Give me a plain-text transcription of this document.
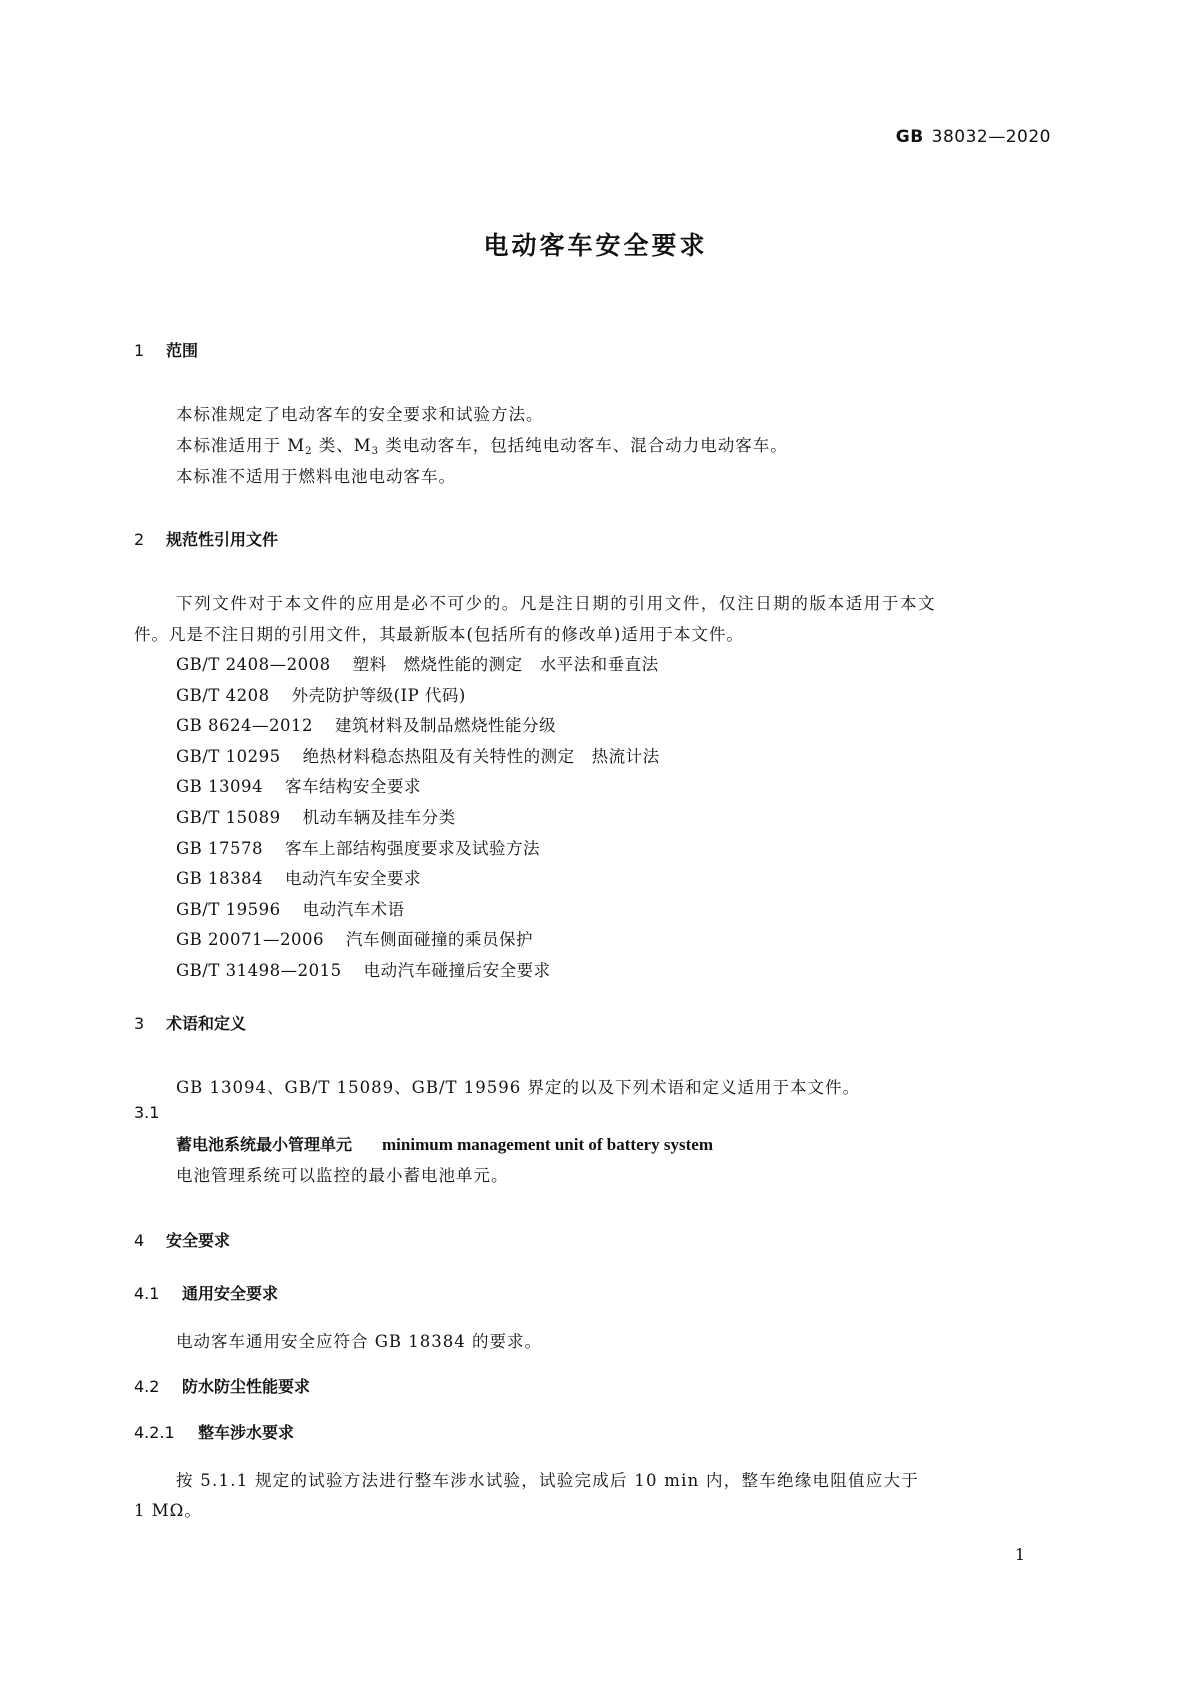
GB 38032—2020
电动客车安全要求
1 范围
本标准规定了电动客车的安全要求和试验方法。
本标准适用于 $M_2$ 类、$M_3$ 类电动客车，包括纯电动客车、混合动力电动客车。
本标准不适用于燃料电池电动客车。
2 规范性引用文件
下列文件对于本文件的应用是必不可少的。凡是注日期的引用文件，仅注日期的版本适用于本文
件。凡是不注日期的引用文件，其最新版本(包括所有的修改单)适用于本文件。
GB/T 2408—2008 塑料　燃烧性能的测定　水平法和垂直法
GB/T 4208 外壳防护等级(IP 代码)
GB 8624—2012 建筑材料及制品燃烧性能分级
GB/T 10295 绝热材料稳态热阻及有关特性的测定　热流计法
GB 13094 客车结构安全要求
GB/T 15089 机动车辆及挂车分类
GB 17578 客车上部结构强度要求及试验方法
GB 18384 电动汽车安全要求
GB/T 19596 电动汽车术语
GB 20071—2006 汽车侧面碰撞的乘员保护
GB/T 31498—2015 电动汽车碰撞后安全要求
3 术语和定义
GB 13094、GB/T 15089、GB/T 19596 界定的以及下列术语和定义适用于本文件。
3.1
蓄电池系统最小管理单元 minimum management unit of battery system
电池管理系统可以监控的最小蓄电池单元。
4 安全要求
4.1 通用安全要求
电动客车通用安全应符合 GB 18384 的要求。
4.2 防水防尘性能要求
4.2.1 整车涉水要求
按 5.1.1 规定的试验方法进行整车涉水试验，试验完成后 10 min 内，整车绝缘电阻值应大于
1 MΩ。
1
